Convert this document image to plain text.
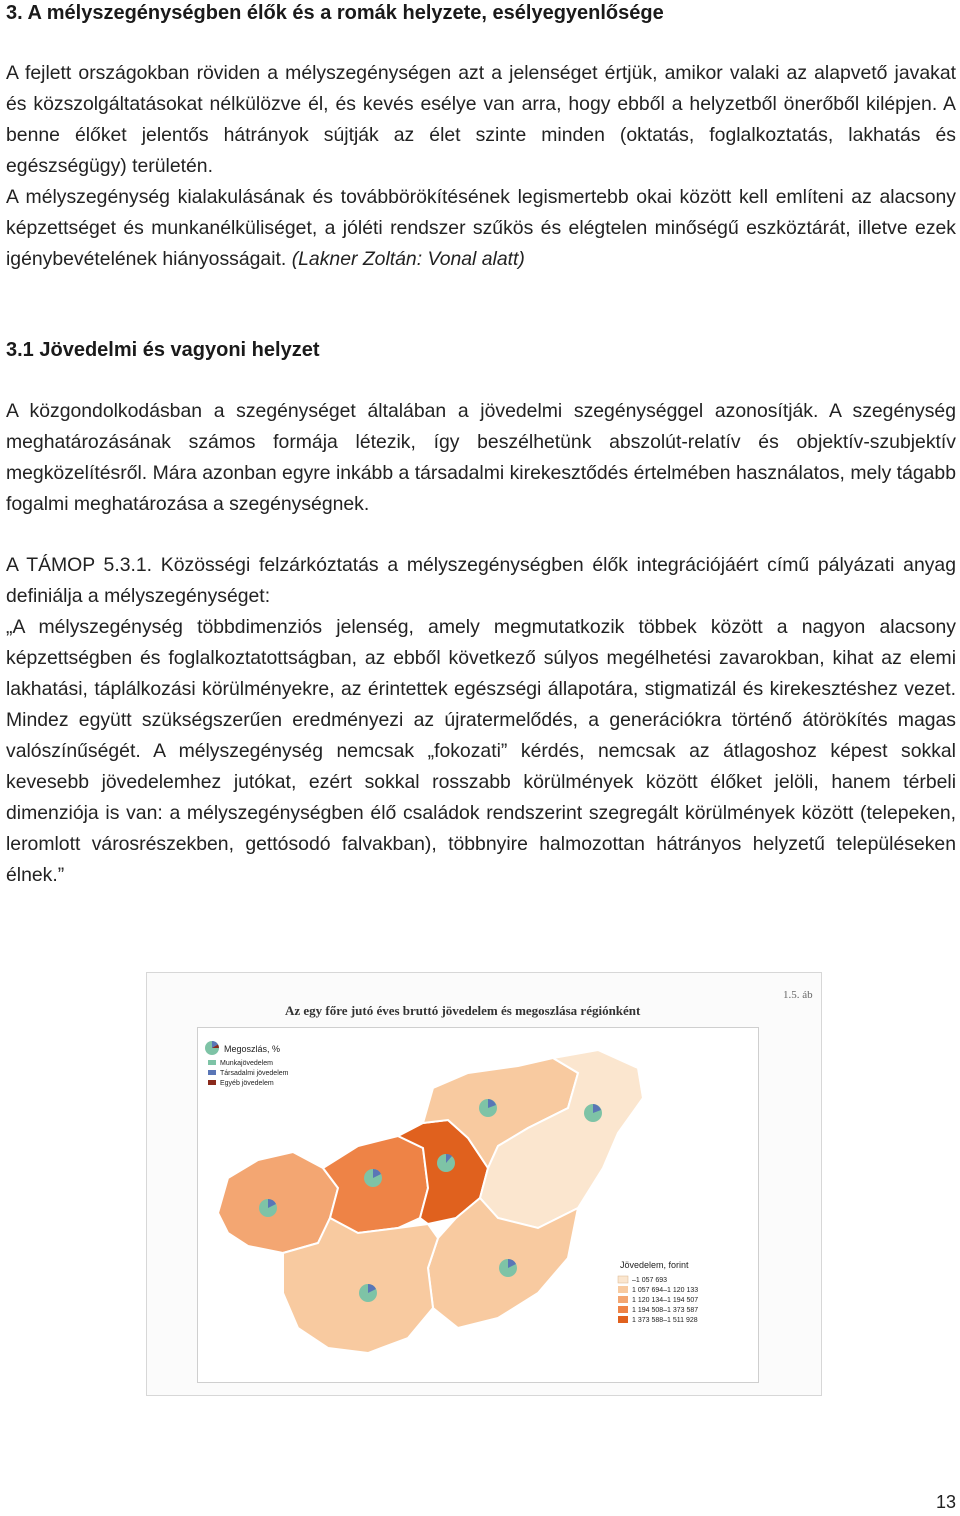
3. A mélyszegénységben élők és a romák helyzete, esélyegyenlősége

A fejlett országokban röviden a mélyszegénységen azt a jelenséget értjük, amikor valaki az alapvető javakat és közszolgáltatásokat nélkülözve él, és kevés esélye van arra, hogy ebből a helyzetből önerőből kilépjen. A benne élőket jelentős hátrányok sújtják az élet szinte minden (oktatás, foglalkoztatás, lakhatás és egészségügy) területén.

A mélyszegénység kialakulásának és továbbörökítésének legismertebb okai között kell említeni az alacsony képzettséget és munkanélküliséget, a jóléti rendszer szűkös és elégtelen minőségű eszköztárát, illetve ezek igénybevételének hiányosságait. (Lakner Zoltán: Vonal alatt)

3.1 Jövedelmi és vagyoni helyzet

A közgondolkodásban a szegénységet általában a jövedelmi szegénységgel azonosítják. A szegénység meghatározásának számos formája létezik, így beszélhetünk abszolút-relatív és objektív-szubjektív megközelítésről. Mára azonban egyre inkább a társadalmi kirekesztődés értelmében használatos, mely tágabb fogalmi meghatározása a szegénységnek.

A TÁMOP 5.3.1. Közösségi felzárkóztatás a mélyszegénységben élők integrációjáért című pályázati anyag definiálja a mélyszegénységet:

„A mélyszegénység többdimenziós jelenség, amely megmutatkozik többek között a nagyon alacsony képzettségben és foglalkoztatottságban, az ebből következő súlyos megélhetési zavarokban, kihat az elemi lakhatási, táplálkozási körülményekre, az érintettek egészségi állapotára, stigmatizál és kirekesztéshez vezet. Mindez együtt szükségszerűen eredményezi az újratermelődés, a generációkra történő átörökítés magas valószínűségét. A mélyszegénység nemcsak „fokozati” kérdés, nemcsak az átlagoshoz képest sokkal kevesebb jövedelemhez jutókat, ezért sokkal rosszabb körülmények között élőket jelöli, hanem térbeli dimenziója is van: a mélyszegénységben élő családok rendszerint szegregált körülmények között (telepeken, leromlott városrészekben, gettósodó falvakban), többnyire halmozottan hátrányos helyzetű településeken élnek.”

1.5. áb
Az egy főre jutó éves bruttó jövedelem és megoszlása régiónként
Megoszlás, %
Munkajövedelem
Társadalmi jövedelem
Egyéb jövedelem
Jövedelem, forint
–1 057 693
1 057 694–1 120 133
1 120 134–1 194 507
1 194 508–1 373 587
1 373 588–1 511 928
13
